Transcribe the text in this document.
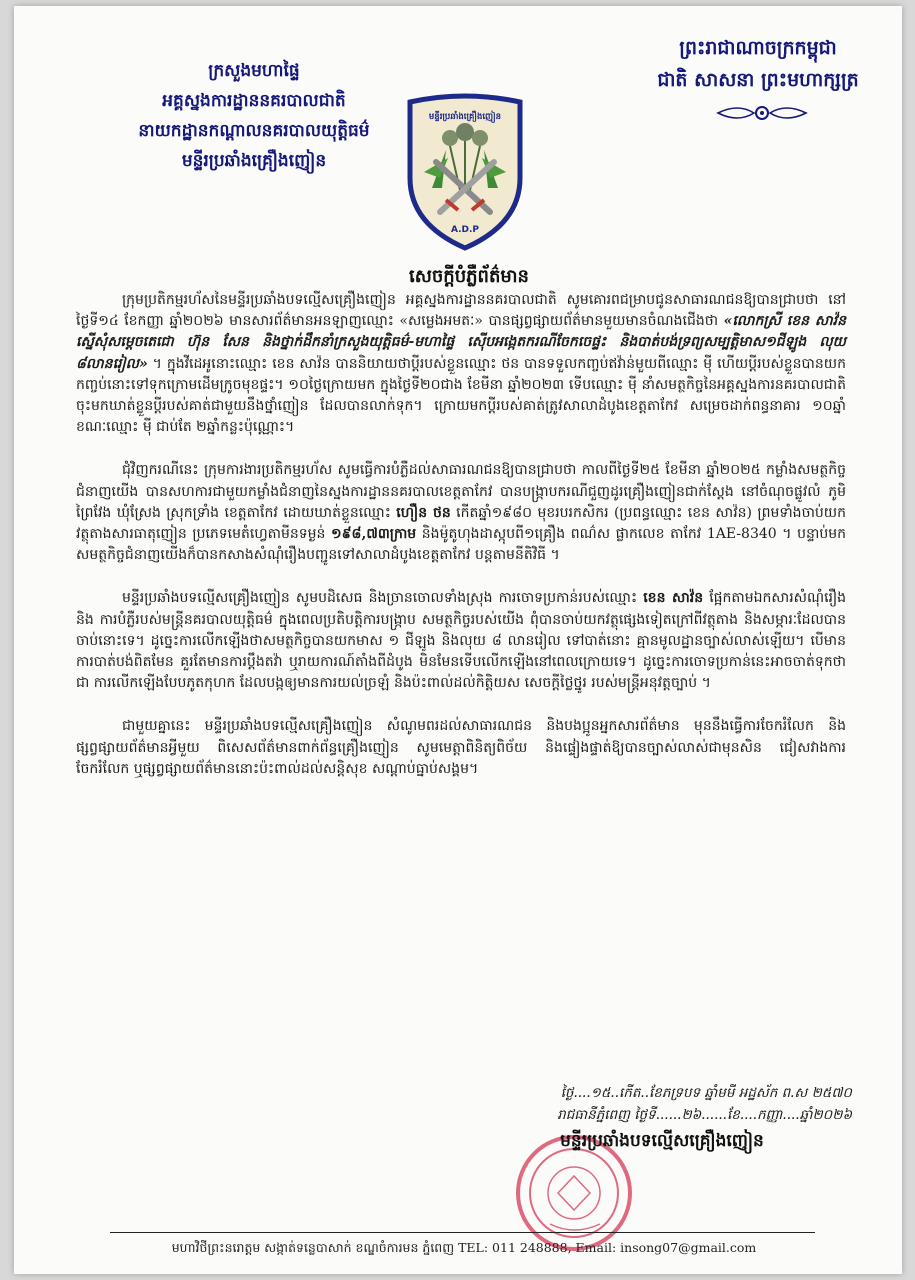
ក្រសួងមហាផ្ទៃ
អគ្គស្នងការដ្ឋាននគរបាលជាតិ
នាយកដ្ឋានកណ្តាលនគរបាលយុត្តិធម៌
មន្ទីរប្រឆាំងគ្រឿងញៀន
ព្រះរាជាណាចក្រកម្ពុជា
ជាតិ សាសនា ព្រះមហាក្សត្រ
មន្ទីរប្រឆាំងគ្រឿងញៀន
A.D.P
សេចក្តីបំភ្លឺព័ត៌មាន

ក្រុមប្រតិកម្មរហ័សនៃមន្ទីរប្រឆាំងបទល្មើសគ្រឿងញៀន អគ្គស្នងការដ្ឋាននគរបាលជាតិ សូមគោរពជម្រាបជូនសាធារណជនឱ្យបានជ្រាបថា នៅថ្ងៃទី១៤ ខែកញ្ញា ឆ្នាំ២០២៦ មានសារព័ត៌មានអនឡាញឈ្មោះ «សម្លេងអមតៈ» បានផ្សព្វផ្សាយព័ត៌មានមួយមានចំណងជើងថា «លោកស្រី ខេន សាវ៉ន ស្នើសុំសម្តេចតេជោ ហ៊ុន សែន និងថ្នាក់ដឹកនាំក្រសួងយុត្តិធម៌-មហាផ្ទៃ ស៊ើបអង្កេតករណីចែកចេផ្ទះ និងបាត់បង់ទ្រព្យសម្បត្តិមាស១ជីឡូង លុយ ៨លានរៀល» ។ ក្នុងវីដេអូនោះឈ្មោះ ខេន សាវ៉ន បាននិយាយថាប្តីរបស់ខ្លួនឈ្មោះ ថន បានទទួលកញ្ចប់ឥវ៉ាន់មួយពីឈ្មោះ ម៉ី ហើយប្តីរបស់ខ្លួនបានយកកញ្ចប់នោះទៅទុកក្រោមដើមក្រូចមុខផ្ទះ។ ១០ថ្ងៃក្រោយមក ក្នុងថ្ងៃទី២០ជាង ខែមីនា ឆ្នាំ២០២៣ ទើបឈ្មោះ ម៉ី នាំសមត្ថកិច្ចនៃអគ្គស្នងការនគរបាលជាតិ ចុះមកឃាត់ខ្លួនប្តីរបស់គាត់ជាមួយនឹងថ្នាំញៀន ដែលបានលាក់ទុក។ ក្រោយមកប្តីរបស់គាត់ត្រូវសាលាដំបូងខេត្តតាកែវ សម្រេចដាក់ពន្ធនាគារ ១០ឆ្នាំ ខណៈឈ្មោះ ម៉ី ជាប់តែ ២ឆ្នាំកន្លះប៉ុណ្ណោះ។

ជុំវិញករណីនេះ ក្រុមការងារប្រតិកម្មរហ័ស សូមធ្វើការបំភ្លឺដល់សាធារណជនឱ្យបានជ្រាបថា កាលពីថ្ងៃទី២៥ ខែមីនា ឆ្នាំ២០២៥ កម្លាំងសមត្ថកិច្ចជំនាញយើង បានសហការជាមួយកម្លាំងជំនាញនៃស្នងការដ្ឋាននគរបាលខេត្តតាកែវ បានបង្ក្រាបករណីជួញដូរគ្រឿងញៀនជាក់ស្តែង នៅចំណុចផ្លូវលំ ភូមិព្រៃវែង ឃុំស្រែង ស្រុកទ្រាំង ខេត្តតាកែវ ដោយឃាត់ខ្លួនឈ្មោះ ហឿន ថន កើតឆ្នាំ១៩៨០ មុខរបរកសិករ (ប្រពន្ធឈ្មោះ ខេន សាវ៉ន) ព្រមទាំងចាប់យកវត្ថុតាងសារធាតុញៀន ប្រភេទមេតំហ្វេតាមីនទម្ងន់ ១៩៨,៧៣ក្រាម និងម៉ូតូហុងដាស្កុបពី១គ្រឿង ពណ៌ស ផ្លាកលេខ តាកែវ 1AE-8340 ។ បន្ទាប់មកសមត្ថកិច្ចជំនាញយើងក៏បានកសាងសំណុំរឿងបញ្ជូនទៅសាលាដំបូងខេត្តតាកែវ បន្តតាមនីតិវិធី ។

មន្ទីរប្រឆាំងបទល្មើសគ្រឿងញៀន សូមបដិសេធ និងច្រានចោលទាំងស្រុង ការចោទប្រកាន់របស់ឈ្មោះ ខេន សាវ៉ន ផ្អែកតាមឯកសារសំណុំរឿង និង ការបំភ្លឺរបស់មន្ត្រីនគរបាលយុត្តិធម៌ ក្នុងពេលប្រតិបត្តិការបង្ក្រាប សមត្ថកិច្ចរបស់យើង ពុំបានចាប់យកវត្ថុផ្សេងទៀតក្រៅពីវត្ថុតាង និងសម្ភារៈដែលបានចាប់នោះទេ។ ដូច្នេះការលើកឡើងថាសមត្ថកិច្ចបានយកមាស ១ ជីឡូង និងលុយ ៨ លានរៀល ទៅបាត់នោះ គ្មានមូលដ្ឋានច្បាស់លាស់ឡើយ។ បើមានការបាត់បង់ពិតមែន គួរតែមានការប្តឹងតវ៉ា ឬរាយការណ៍តាំងពីដំបូង មិនមែនទើបលើកឡើងនៅពេលក្រោយទេ។ ដូច្នេះការចោទប្រកាន់នេះអាចចាត់ទុកថាជា ការលើកឡើងបែបភូតកុហក ដែលបង្កឲ្យមានការយល់ច្រឡំ និងប៉ះពាល់ដល់កិត្តិយស សេចក្តីថ្លៃថ្នូរ របស់មន្ត្រីអនុវត្តច្បាប់ ។

ជាមួយគ្នានេះ មន្ទីរប្រឆាំងបទល្មើសគ្រឿងញៀន សំណូមពរដល់សាធារណជន និងបងប្អូនអ្នកសារព័ត៌មាន មុននឹងធ្វើការចែករំលែក និងផ្សព្វផ្សាយព័ត៌មានអ្វីមួយ ពិសេសព័ត៌មានពាក់ព័ន្ធគ្រឿងញៀន សូមមេត្តាពិនិត្យពិច័យ និងផ្ទៀងផ្ទាត់ឱ្យបានច្បាស់លាស់ជាមុនសិន ជៀសវាងការចែករំលែក ឬផ្សព្វផ្សាយព័ត៌មាននោះប៉ះពាល់ដល់សន្តិសុខ សណ្តាប់ធ្នាប់សង្គម។

ថ្ងៃ....១៥..កើត..ខែភទ្របទ ឆ្នាំមមី អដ្ឋស័ក ព.ស ២៥៧០
រាជធានីភ្នំពេញ ថ្ងៃទី......២៦......ខែ....កញ្ញា....ឆ្នាំ២០២៦
មន្ទីរប្រឆាំងបទល្មើសគ្រឿងញៀន
មហាវិថីព្រះនរោត្តម សង្កាត់ទន្លេបាសាក់ ខណ្ឌចំការមន ភ្នំពេញ TEL: 011 248888, Email: insong07@gmail.com
